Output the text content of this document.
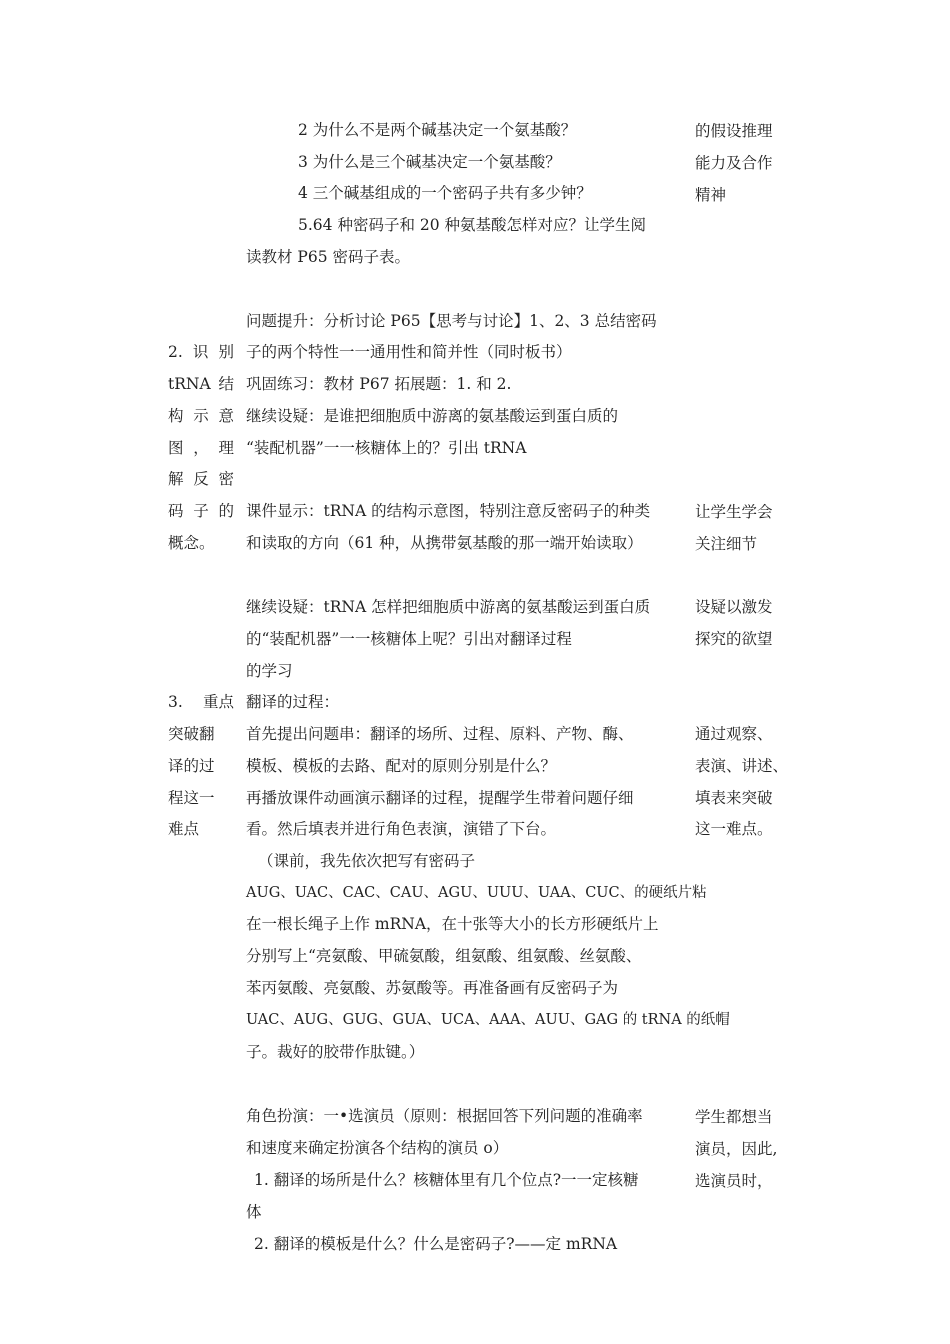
2 为什么不是两个碱基决定一个氨基酸？
3 为什么是三个碱基决定一个氨基酸？
4 三个碱基组成的一个密码子共有多少钟？
5.64 种密码子和 20 种氨基酸怎样对应？让学生阅
读教材 P65 密码子表。
的假设推理
能力及合作
精神
2. 识 别
tRNA 结
构 示 意
图 ， 理
解 反 密
码 子 的
概念。
问题提升：分析讨论 P65【思考与讨论】1、2、3 总结密码
子的两个特性一一通用性和简并性（同时板书）
巩固练习：教材 P67 拓展题：1. 和 2.
继续设疑：是谁把细胞质中游离的氨基酸运到蛋白质的
“装配机器”一一核糖体上的？引出 tRNA
课件显示：tRNA 的结构示意图，特别注意反密码子的种类
和读取的方向（61 种，从携带氨基酸的那一端开始读取）
让学生学会
关注细节
继续设疑：tRNA 怎样把细胞质中游离的氨基酸运到蛋白质
的“装配机器”一一核糖体上呢？引出对翻译过程
的学习
设疑以激发
探究的欲望
3. 重点
突破翻
译的过
程这一
难点
翻译的过程：
首先提出问题串：翻译的场所、过程、原料、产物、酶、
模板、模板的去路、配对的原则分别是什么？
再播放课件动画演示翻译的过程，提醒学生带着问题仔细
看。然后填表并进行角色表演，演错了下台。
（课前，我先依次把写有密码子
AUG、UAC、CAC、CAU、AGU、UUU、UAA、CUC、的硬纸片粘
在一根长绳子上作 mRNA，在十张等大小的长方形硬纸片上
分别写上“亮氨酸、甲硫氨酸，组氨酸、组氨酸、丝氨酸、
苯丙氨酸、亮氨酸、苏氨酸等。再准备画有反密码子为
UAC、AUG、GUG、GUA、UCA、AAA、AUU、GAG 的 tRNA 的纸帽
子。裁好的胶带作肽键。）
通过观察、
表演、讲述、
填表来突破
这一难点。
角色扮演：一•选演员（原则：根据回答下列问题的准确率
和速度来确定扮演各个结构的演员 o）
1. 翻译的场所是什么？核糖体里有几个位点?一一定核糖
体
2. 翻译的模板是什么？什么是密码子?——定 mRNA
学生都想当
演员，因此,
选演员时，
